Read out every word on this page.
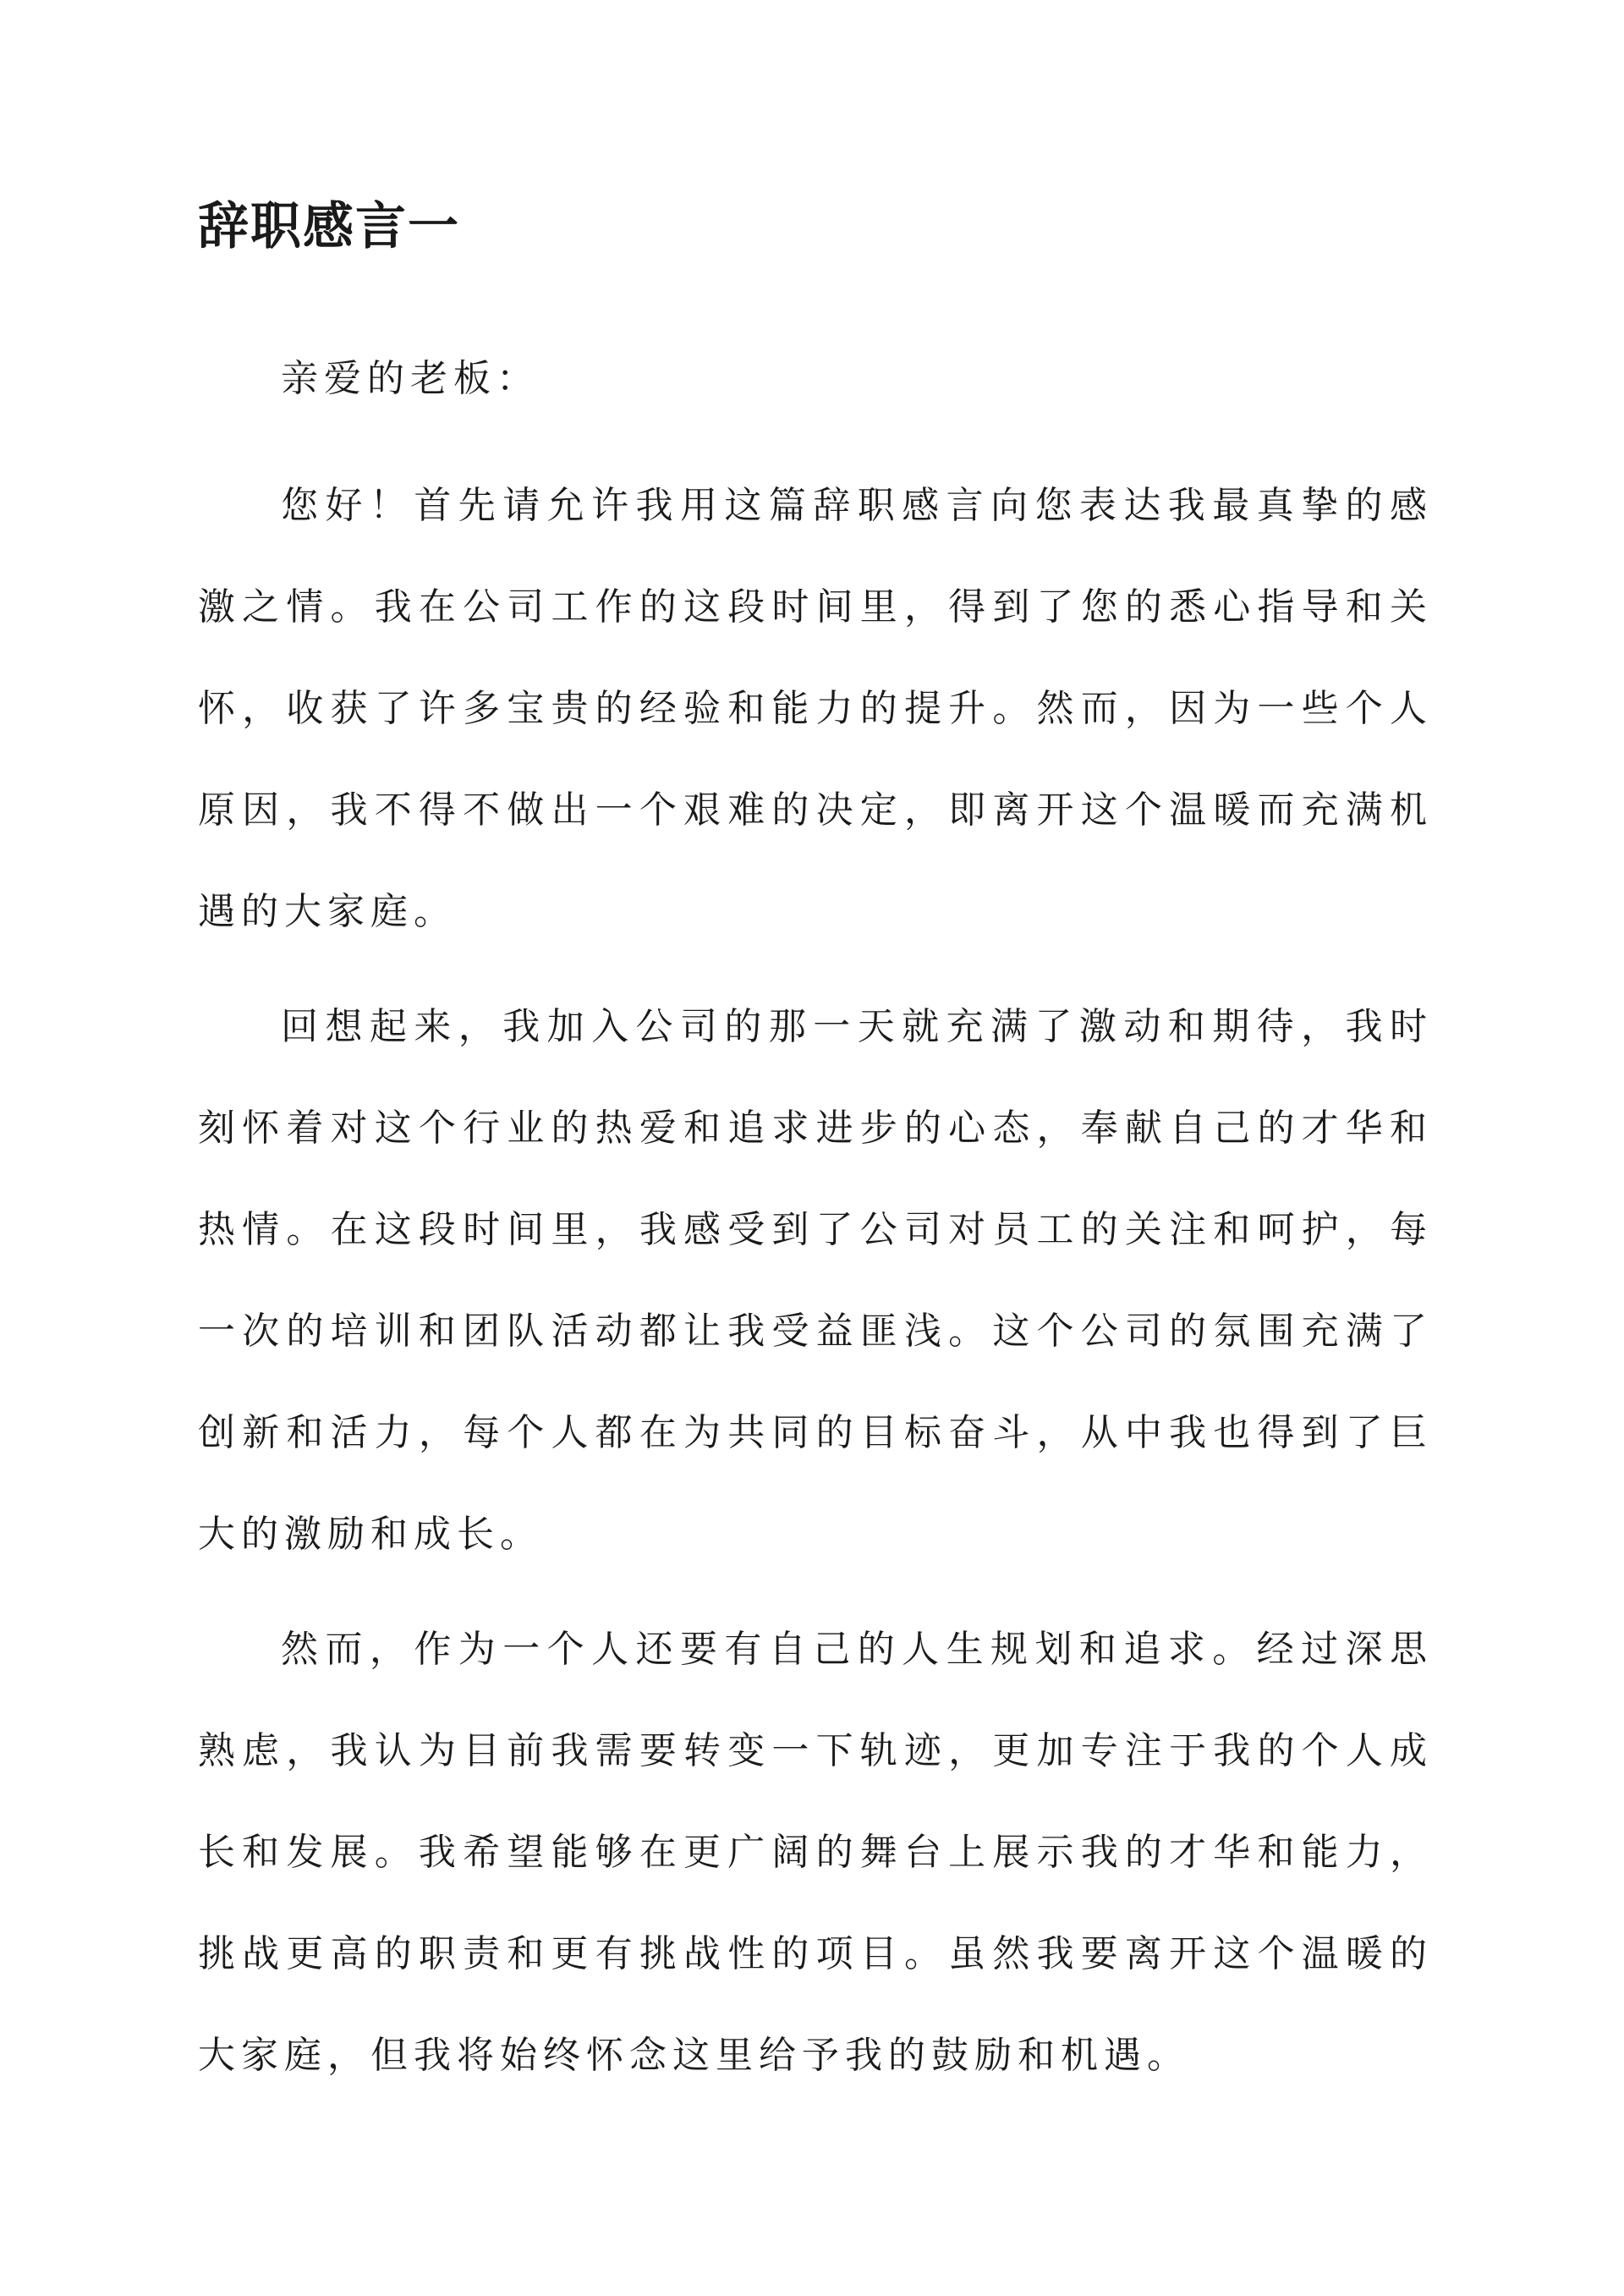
辞职感言一

亲爱的老板：

您好！首先请允许我用这篇辞职感言向您表达我最真挚的感激之情。我在公司工作的这段时间里，得到了您的悉心指导和关怀，收获了许多宝贵的经验和能力的提升。然而，因为一些个人原因，我不得不做出一个艰难的决定，即离开这个温暖而充满机遇的大家庭。

回想起来，我加入公司的那一天就充满了激动和期待，我时刻怀着对这个行业的热爱和追求进步的心态，奉献自己的才华和热情。在这段时间里，我感受到了公司对员工的关注和呵护，每一次的培训和团队活动都让我受益匪浅。这个公司的氛围充满了创新和活力，每个人都在为共同的目标奋斗，从中我也得到了巨大的激励和成长。

然而，作为一个人还要有自己的人生规划和追求。经过深思熟虑，我认为目前我需要转变一下轨迹，更加专注于我的个人成长和发展。我希望能够在更广阔的舞台上展示我的才华和能力，挑战更高的职责和更有挑战性的项目。虽然我要离开这个温暖的大家庭，但我将始终怀念这里给予我的鼓励和机遇。
